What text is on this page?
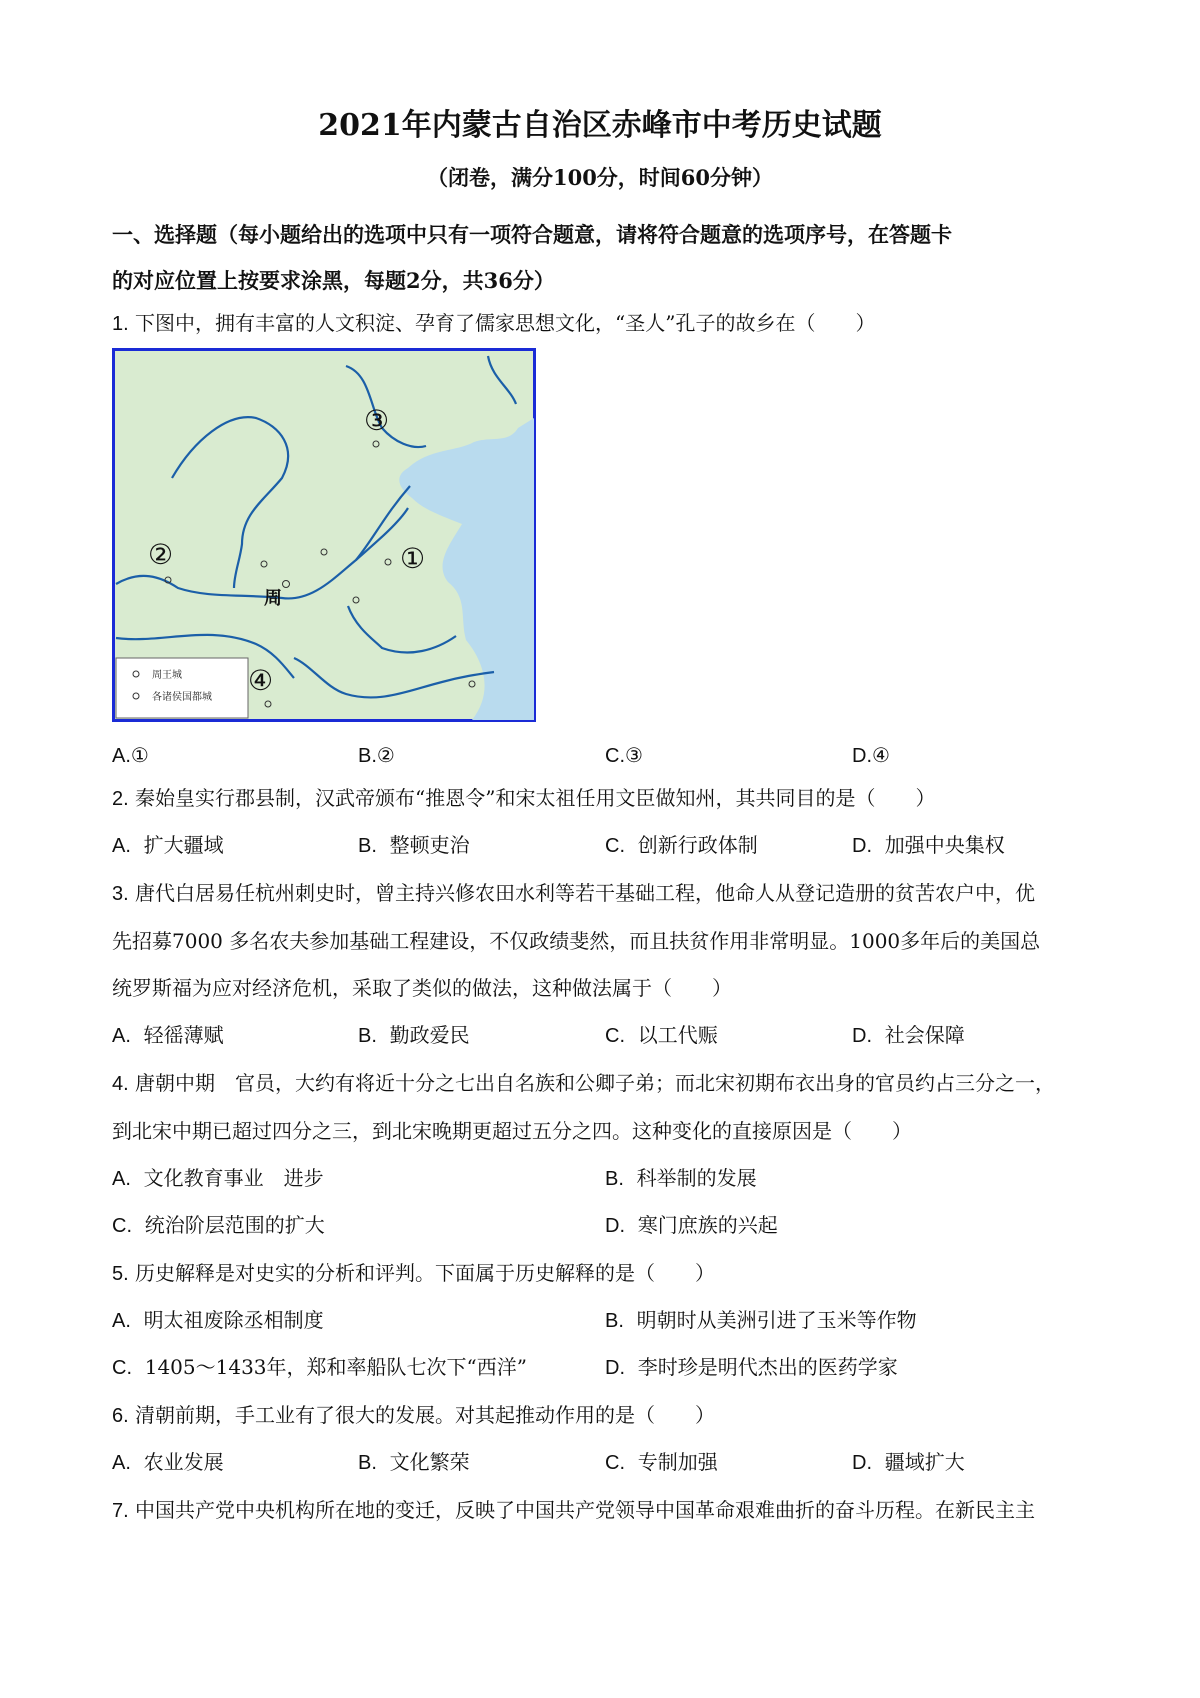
2021年内蒙古自治区赤峰市中考历史试题
（闭卷，满分100分，时间60分钟）
一、选择题（每小题给出的选项中只有一项符合题意，请将符合题意的选项序号，在答题卡
的对应位置上按要求涂黑，每题2分，共36分）
1. 下图中，拥有丰富的人文积淀、孕育了儒家思想文化，“圣人”孔子的故乡在（　　）
①
②
③
④
周
周王城
各诸侯国都城
A.①	B.②	C.③	D.④
2. 秦始皇实行郡县制，汉武帝颁布“推恩令”和宋太祖任用文臣做知州，其共同目的是（　　）
A. 扩大疆域	B. 整顿吏治	C. 创新行政体制	D. 加强中央集权
3. 唐代白居易任杭州刺史时，曾主持兴修农田水利等若干基础工程，他命人从登记造册的贫苦农户中，优
先招募7000 多名农夫参加基础工程建设，不仅政绩斐然，而且扶贫作用非常明显。1000多年后的美国总
统罗斯福为应对经济危机，采取了类似的做法，这种做法属于（　　）
A. 轻徭薄赋	B. 勤政爱民	C. 以工代赈	D. 社会保障
4. 唐朝中期　官员，大约有将近十分之七出自名族和公卿子弟；而北宋初期布衣出身的官员约占三分之一，
到北宋中期已超过四分之三，到北宋晚期更超过五分之四。这种变化的直接原因是（　　）
A. 文化教育事业　进步	B. 科举制的发展
C. 统治阶层范围的扩大	D. 寒门庶族的兴起
5. 历史解释是对史实的分析和评判。下面属于历史解释的是（　　）
A. 明太祖废除丞相制度	B. 明朝时从美洲引进了玉米等作物
C. 1405～1433年，郑和率船队七次下“西洋”	D. 李时珍是明代杰出的医药学家
6. 清朝前期，手工业有了很大的发展。对其起推动作用的是（　　）
A. 农业发展	B. 文化繁荣	C. 专制加强	D. 疆域扩大
7. 中国共产党中央机构所在地的变迁，反映了中国共产党领导中国革命艰难曲折的奋斗历程。在新民主主
